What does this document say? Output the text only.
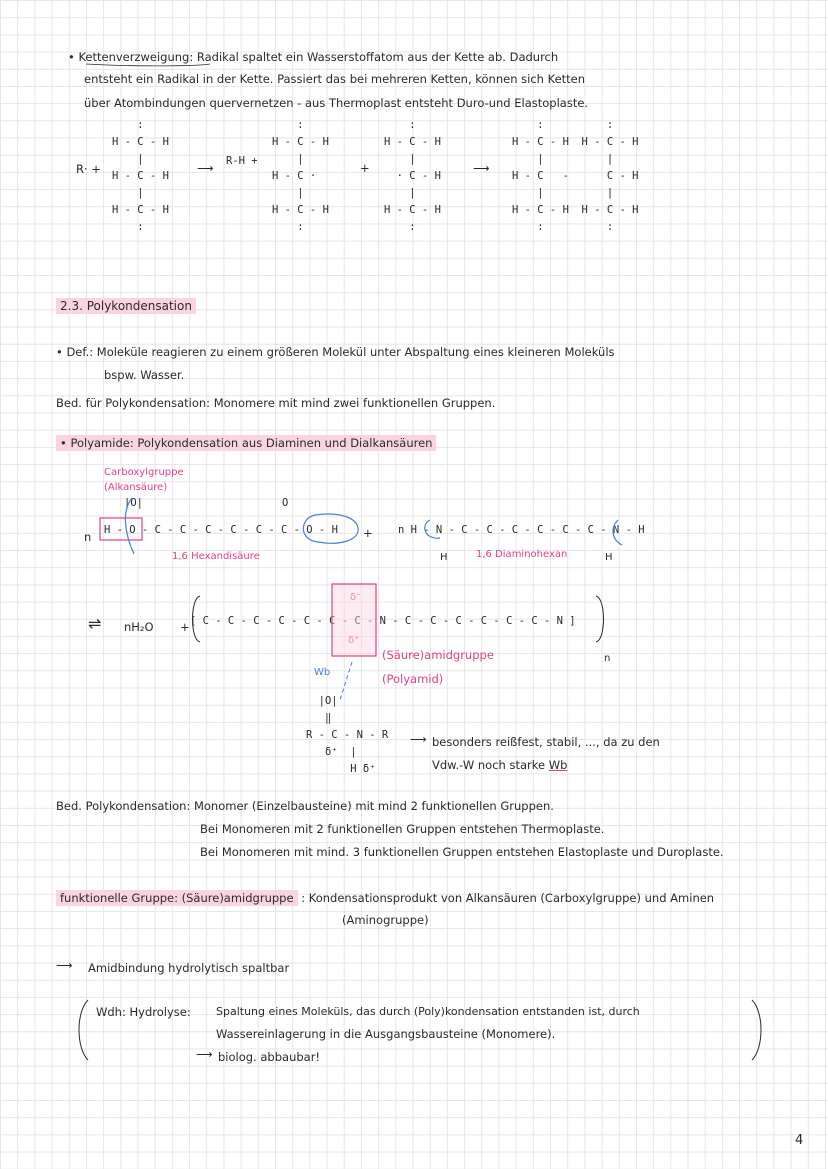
• Kettenverzweigung: Radikal spaltet ein Wasserstoffatom aus der Kette ab. Dadurch
entsteht ein Radikal in der Kette. Passiert das bei mehreren Ketten, können sich Ketten
über Atombindungen quervernetzen - aus Thermoplast entsteht Duro-und Elastoplaste.
R· +
:
H - C - H
|
H - C - H
|
H - C - H
:
⟶ R-H +
:
H - C - H
|
H - C ·
|
H - C - H
:
+
:
H - C - H
|
· C - H
|
H - C - H
:
⟶
:          :
H - C - H  H - C - H
|          |
H - C   -      C - H
|          |
H - C - H  H - C - H
:          :
2.3. Polykondensation
• Def.: Moleküle reagieren zu einem größeren Molekül unter Abspaltung eines kleineren Moleküls
bspw. Wasser.
Bed. für Polykondensation: Monomere mit mind zwei funktionellen Gruppen.
• Polyamide: Polykondensation aus Diaminen und Dialkansäuren
Carboxylgruppe
(Alkansäure)
|O|	O
n H - O - C - C - C - C - C - C - O - H + n H - N - C - C - C - C - C - C - N - H
H	H
1,6 Hexandisäure	1,6 Diaminohexan
⇌ nH₂O + [ C - C - C - C - C - C - C - N - C - C - C - C - C - C - N ]
n
δ⁻
δ⁺
(Säure)amidgruppe
(Polyamid)
Wb
|O|
‖
R - C - N - R
δ⁺  |
H δ⁺
⟶ besonders reißfest, stabil, ..., da zu den
Vdw.-W noch starke Wb
Bed. Polykondensation: Monomer (Einzelbausteine) mit mind 2 funktionellen Gruppen.
Bei Monomeren mit 2 funktionellen Gruppen entstehen Thermoplaste.
Bei Monomeren mit mind. 3 funktionellen Gruppen entstehen Elastoplaste und Duroplaste.
funktionelle Gruppe: (Säure)amidgruppe : Kondensationsprodukt von Alkansäuren (Carboxylgruppe) und Aminen
(Aminogruppe)
⟶ Amidbindung hydrolytisch spaltbar
Wdh: Hydrolyse: Spaltung eines Moleküls, das durch (Poly)kondensation entstanden ist, durch
Wassereinlagerung in die Ausgangsbausteine (Monomere).
⟶ biolog. abbaubar!
4
